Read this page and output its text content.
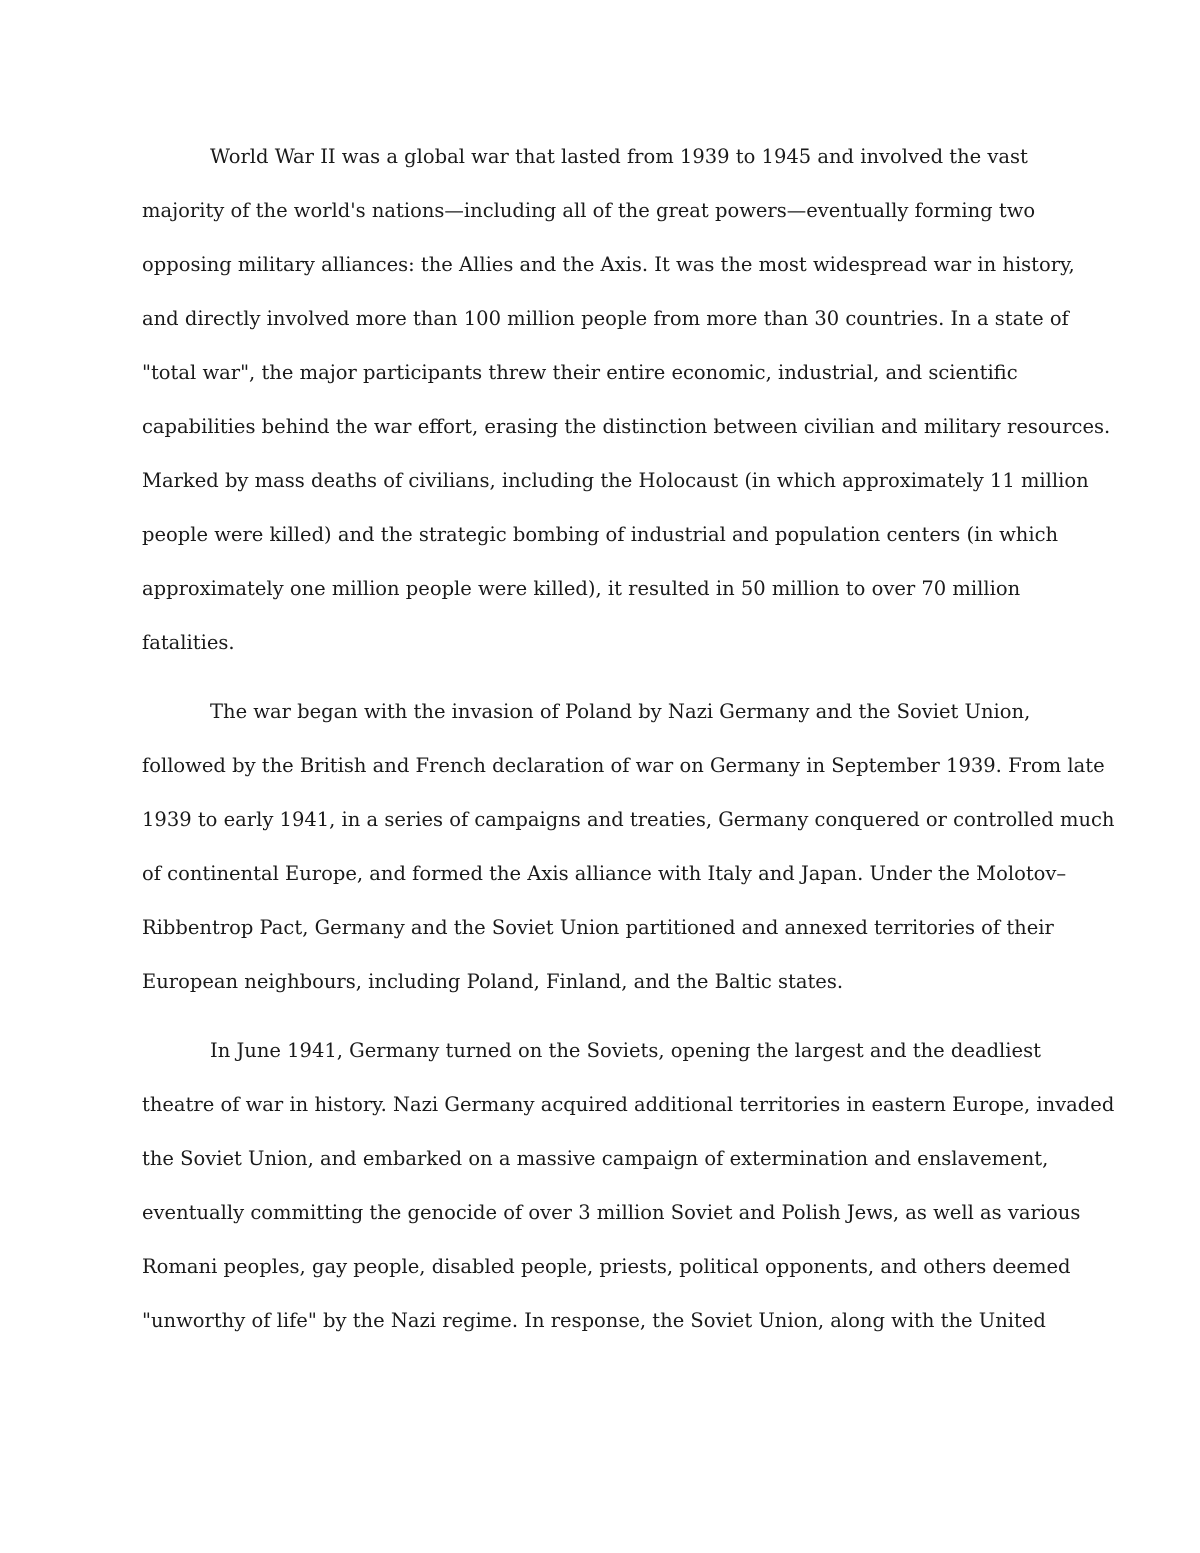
World War II was a global war that lasted from 1939 to 1945 and involved the vast
majority of the world's nations—including all of the great powers—eventually forming two
opposing military alliances: the Allies and the Axis. It was the most widespread war in history,
and directly involved more than 100 million people from more than 30 countries. In a state of
"total war", the major participants threw their entire economic, industrial, and scientific
capabilities behind the war effort, erasing the distinction between civilian and military resources.
Marked by mass deaths of civilians, including the Holocaust (in which approximately 11 million
people were killed) and the strategic bombing of industrial and population centers (in which
approximately one million people were killed), it resulted in 50 million to over 70 million
fatalities.
The war began with the invasion of Poland by Nazi Germany and the Soviet Union,
followed by the British and French declaration of war on Germany in September 1939. From late
1939 to early 1941, in a series of campaigns and treaties, Germany conquered or controlled much
of continental Europe, and formed the Axis alliance with Italy and Japan. Under the Molotov–
Ribbentrop Pact, Germany and the Soviet Union partitioned and annexed territories of their
European neighbours, including Poland, Finland, and the Baltic states.
In June 1941, Germany turned on the Soviets, opening the largest and the deadliest
theatre of war in history. Nazi Germany acquired additional territories in eastern Europe, invaded
the Soviet Union, and embarked on a massive campaign of extermination and enslavement,
eventually committing the genocide of over 3 million Soviet and Polish Jews, as well as various
Romani peoples, gay people, disabled people, priests, political opponents, and others deemed
"unworthy of life" by the Nazi regime. In response, the Soviet Union, along with the United
